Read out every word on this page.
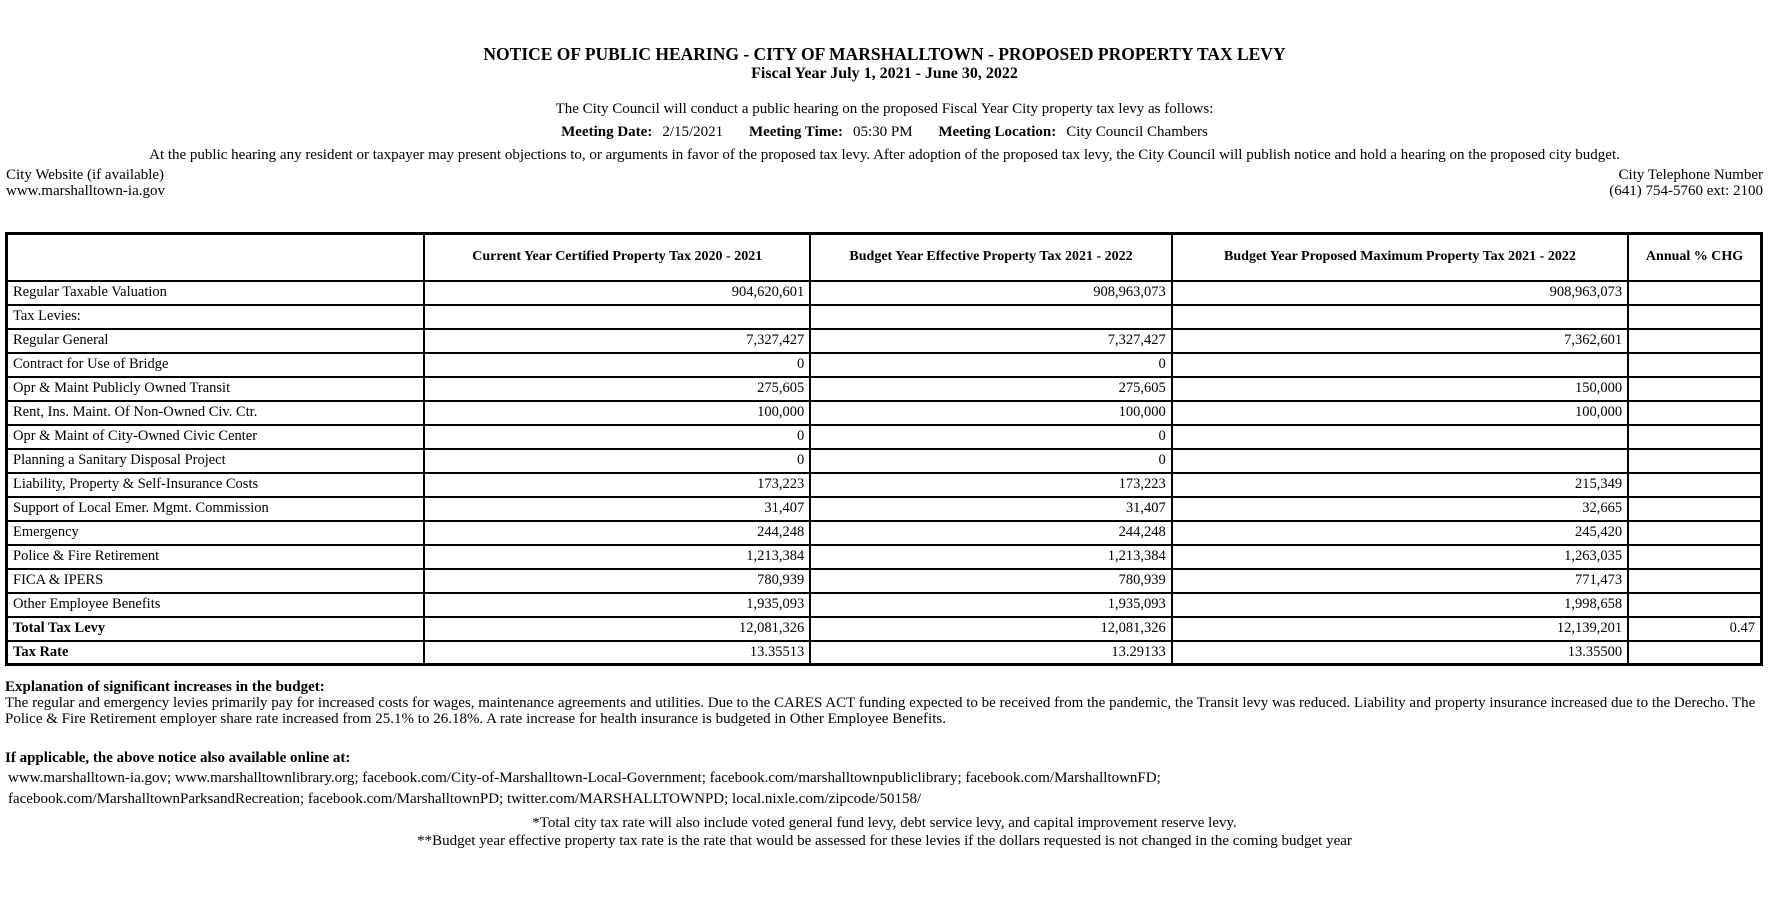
NOTICE OF PUBLIC HEARING - CITY OF MARSHALLTOWN - PROPOSED PROPERTY TAX LEVY
Fiscal Year July 1, 2021 - June 30, 2022
The City Council will conduct a public hearing on the proposed Fiscal Year City property tax levy as follows:
Meeting Date: 2/15/2021 Meeting Time: 05:30 PM Meeting Location: City Council Chambers
At the public hearing any resident or taxpayer may present objections to, or arguments in favor of the proposed tax levy. After adoption of the proposed tax levy, the City Council will publish notice and hold a hearing on the proposed city budget.
City Website (if available)
www.marshalltown-ia.gov
City Telephone Number
(641) 754-5760 ext: 2100
	Current Year Certified Property Tax 2020 - 2021	Budget Year Effective Property Tax 2021 - 2022	Budget Year Proposed Maximum Property Tax 2021 - 2022	Annual % CHG
Regular Taxable Valuation	904,620,601	908,963,073	908,963,073	
Tax Levies:				
Regular General	7,327,427	7,327,427	7,362,601	
Contract for Use of Bridge	0	0		
Opr & Maint Publicly Owned Transit	275,605	275,605	150,000	
Rent, Ins. Maint. Of Non-Owned Civ. Ctr.	100,000	100,000	100,000	
Opr & Maint of City-Owned Civic Center	0	0		
Planning a Sanitary Disposal Project	0	0		
Liability, Property & Self-Insurance Costs	173,223	173,223	215,349	
Support of Local Emer. Mgmt. Commission	31,407	31,407	32,665	
Emergency	244,248	244,248	245,420	
Police & Fire Retirement	1,213,384	1,213,384	1,263,035	
FICA & IPERS	780,939	780,939	771,473	
Other Employee Benefits	1,935,093	1,935,093	1,998,658	
Total Tax Levy	12,081,326	12,081,326	12,139,201	0.47
Tax Rate	13.35513	13.29133	13.35500	
Explanation of significant increases in the budget:
The regular and emergency levies primarily pay for increased costs for wages, maintenance agreements and utilities. Due to the CARES ACT funding expected to be received from the pandemic, the Transit levy was reduced. Liability and property insurance increased due to the Derecho. The Police & Fire Retirement employer share rate increased from 25.1% to 26.18%. A rate increase for health insurance is budgeted in Other Employee Benefits.
If applicable, the above notice also available online at:
www.marshalltown-ia.gov; www.marshalltownlibrary.org; facebook.com/City-of-Marshalltown-Local-Government; facebook.com/marshalltownpubliclibrary; facebook.com/MarshalltownFD;
facebook.com/MarshalltownParksandRecreation; facebook.com/MarshalltownPD; twitter.com/MARSHALLTOWNPD; local.nixle.com/zipcode/50158/
*Total city tax rate will also include voted general fund levy, debt service levy, and capital improvement reserve levy.
**Budget year effective property tax rate is the rate that would be assessed for these levies if the dollars requested is not changed in the coming budget year
